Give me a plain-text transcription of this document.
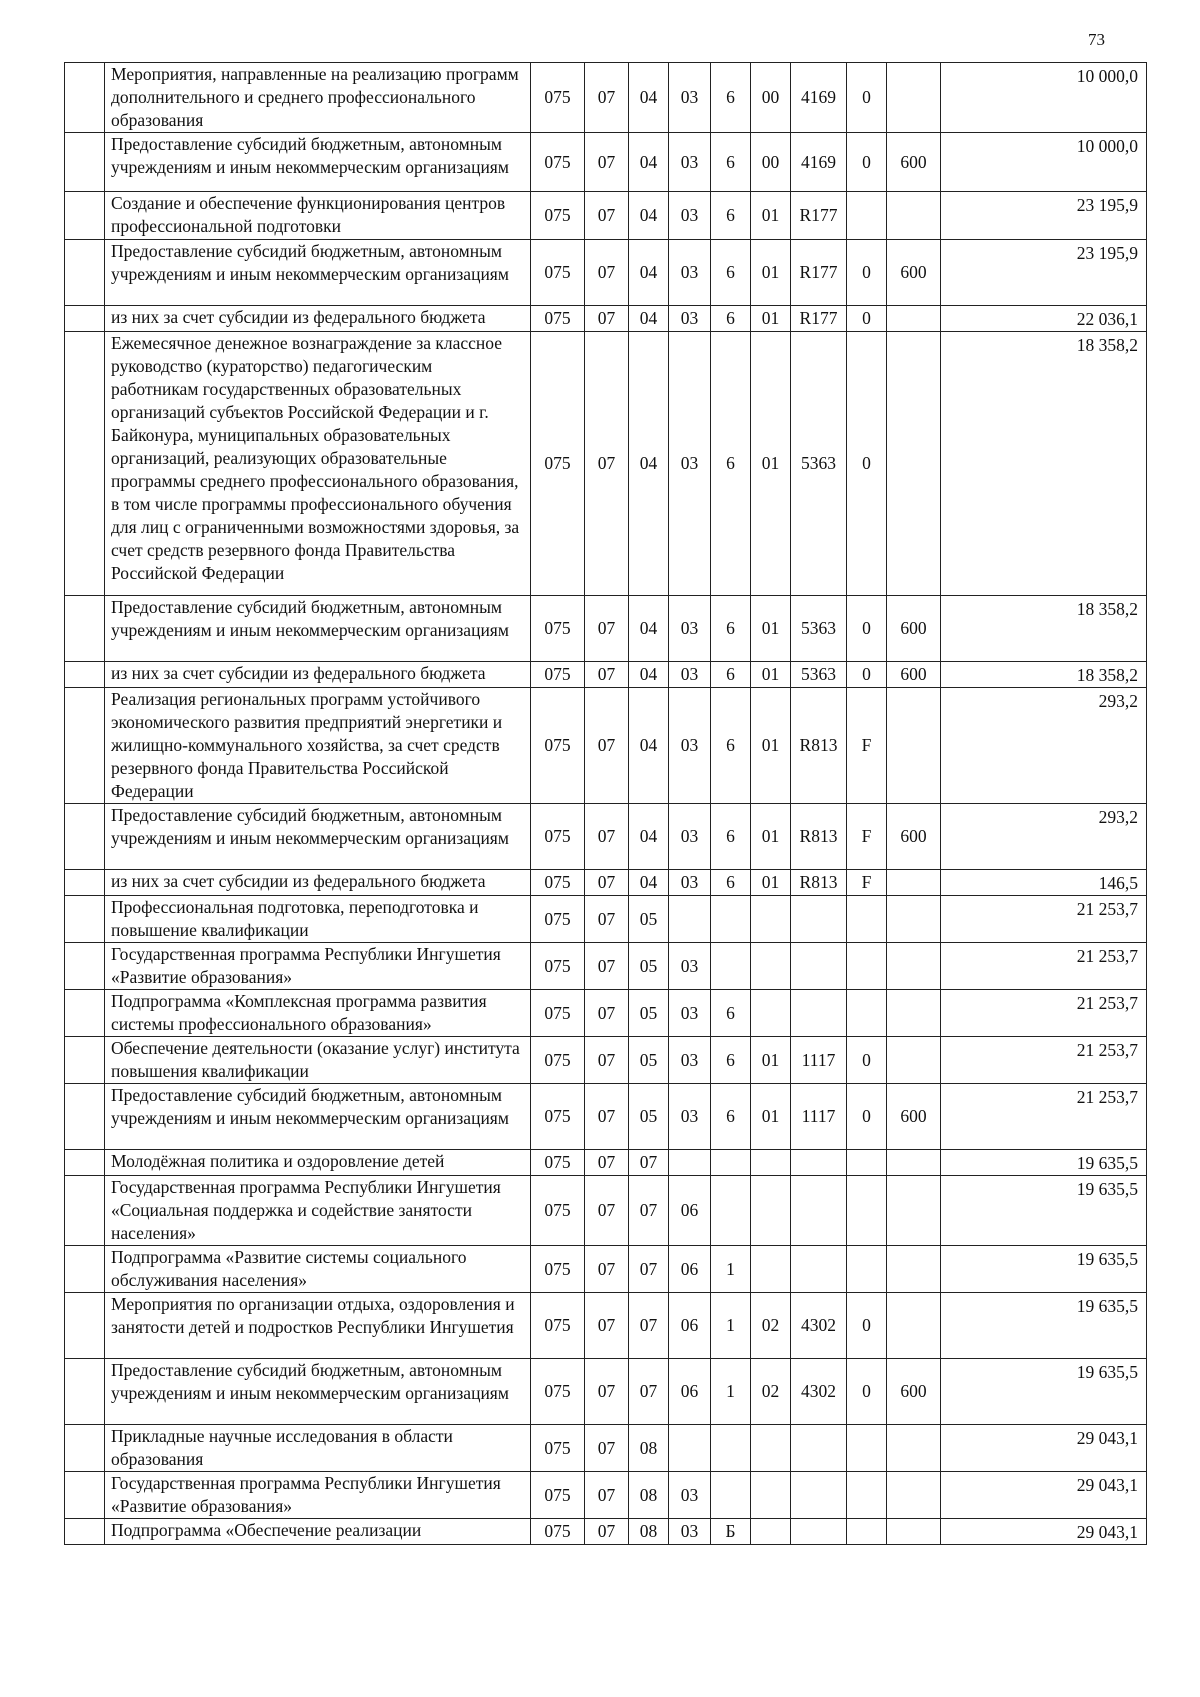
73
	Мероприятия, направленные на реализацию программ дополнительного и среднего профессионального образования	075	07	04	03	6	00	4169	0		10 000,0
	Предоставление субсидий бюджетным, автономным учреждениям и иным некоммерческим организациям	075	07	04	03	6	00	4169	0	600	10 000,0
	Создание и обеспечение функционирования центров профессиональной подготовки	075	07	04	03	6	01	R177			23 195,9
	Предоставление субсидий бюджетным, автономным учреждениям и иным некоммерческим организациям	075	07	04	03	6	01	R177	0	600	23 195,9
	из них за счет субсидии из федерального бюджета	075	07	04	03	6	01	R177	0		22 036,1
	Ежемесячное денежное вознаграждение за классное руководство (кураторство) педагогическим работникам государственных образовательных организаций субъектов Российской Федерации и г. Байконура, муниципальных образовательных организаций, реализующих образовательные программы среднего профессионального образования, в том числе программы профессионального обучения для лиц с ограниченными возможностями здоровья, за счет средств резервного фонда Правительства Российской Федерации	075	07	04	03	6	01	5363	0		18 358,2
	Предоставление субсидий бюджетным, автономным учреждениям и иным некоммерческим организациям	075	07	04	03	6	01	5363	0	600	18 358,2
	из них за счет субсидии из федерального бюджета	075	07	04	03	6	01	5363	0	600	18 358,2
	Реализация региональных программ устойчивого экономического развития предприятий энергетики и жилищно-коммунального хозяйства, за счет средств резервного фонда Правительства Российской Федерации	075	07	04	03	6	01	R813	F		293,2
	Предоставление субсидий бюджетным, автономным учреждениям и иным некоммерческим организациям	075	07	04	03	6	01	R813	F	600	293,2
	из них за счет субсидии из федерального бюджета	075	07	04	03	6	01	R813	F		146,5
	Профессиональная подготовка, переподготовка и повышение квалификации	075	07	05							21 253,7
	Государственная программа Республики Ингушетия «Развитие образования»	075	07	05	03						21 253,7
	Подпрограмма «Комплексная программа развития системы профессионального образования»	075	07	05	03	6					21 253,7
	Обеспечение деятельности (оказание услуг) института повышения квалификации	075	07	05	03	6	01	1117	0		21 253,7
	Предоставление субсидий бюджетным, автономным учреждениям и иным некоммерческим организациям	075	07	05	03	6	01	1117	0	600	21 253,7
	Молодёжная политика и оздоровление детей	075	07	07							19 635,5
	Государственная программа Республики Ингушетия «Социальная поддержка и содействие занятости населения»	075	07	07	06						19 635,5
	Подпрограмма «Развитие системы социального обслуживания населения»	075	07	07	06	1					19 635,5
	Мероприятия по организации отдыха, оздоровления и занятости детей и подростков Республики Ингушетия	075	07	07	06	1	02	4302	0		19 635,5
	Предоставление субсидий бюджетным, автономным учреждениям и иным некоммерческим организациям	075	07	07	06	1	02	4302	0	600	19 635,5
	Прикладные научные исследования в области образования	075	07	08							29 043,1
	Государственная программа Республики Ингушетия «Развитие образования»	075	07	08	03						29 043,1
	Подпрограмма «Обеспечение реализации	075	07	08	03	Б					29 043,1
